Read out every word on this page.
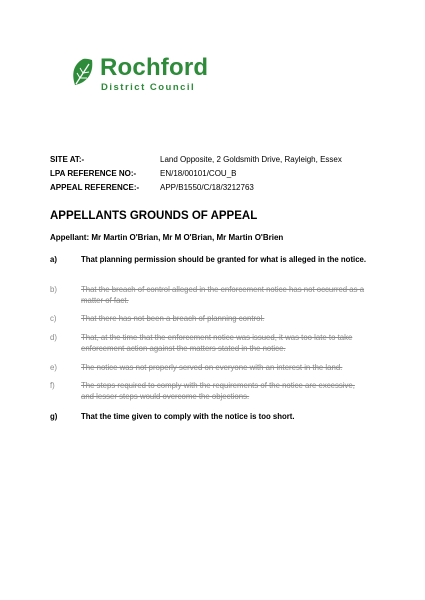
Rochford
District Council
SITE AT:-	Land Opposite, 2 Goldsmith Drive, Rayleigh, Essex
LPA REFERENCE NO:-	EN/18/00101/COU_B
APPEAL REFERENCE:-	APP/B1550/C/18/3212763
APPELLANTS GROUNDS OF APPEAL
Appellant: Mr Martin O'Brian, Mr M O'Brian, Mr Martin O'Brien
a)	That planning permission should be granted for what is alleged in the notice.
b)	That the breach of control alleged in the enforcement notice has not occurred as a matter of fact.
c)	That there has not been a breach of planning control.
d)	That, at the time that the enforcement notice was issued, it was too late to take enforcement action against the matters stated in the notice.
e)	The notice was not properly served on everyone with an interest in the land.
f)	The steps required to comply with the requirements of the notice are excessive, and lesser steps would overcome the objections.
g)	That the time given to comply with the notice is too short.
